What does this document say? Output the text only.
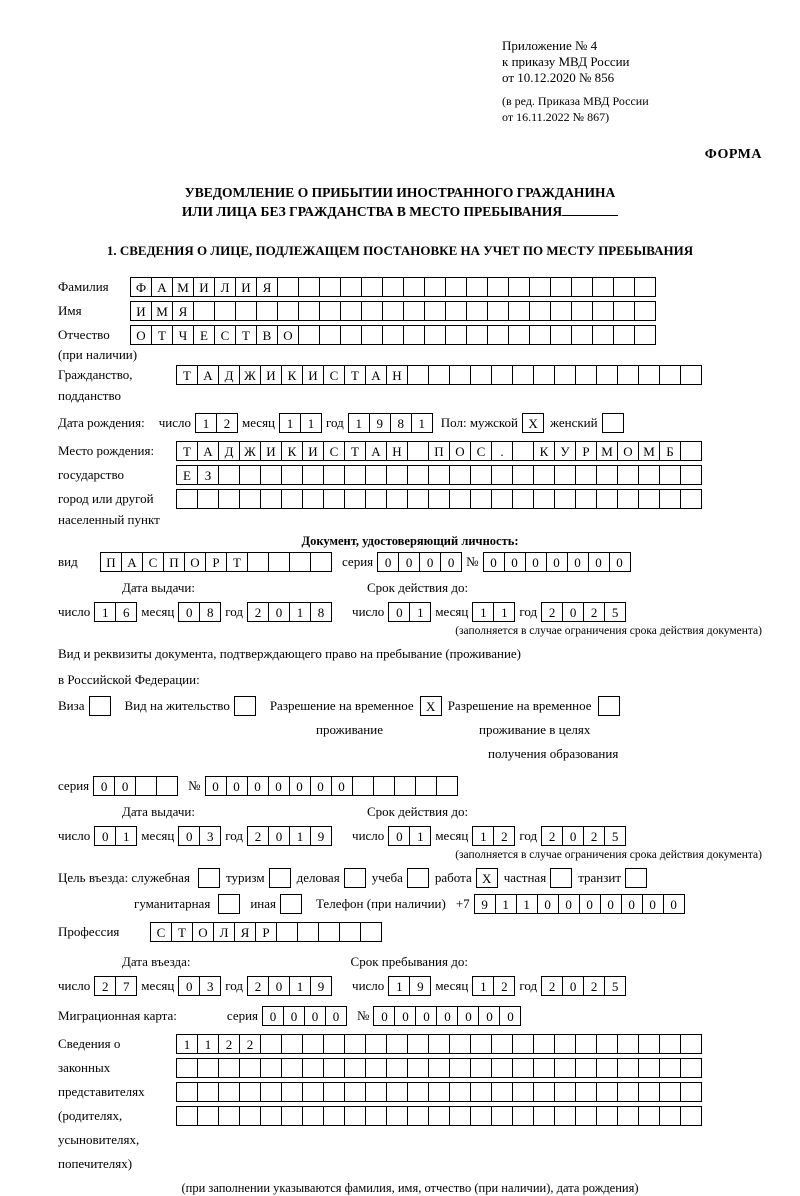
Приложение № 4
к приказу МВД России
от 10.12.2020 № 856
(в ред. Приказа МВД России
от 16.11.2022 № 867)
ФОРМА
УВЕДОМЛЕНИЕ О ПРИБЫТИИ ИНОСТРАННОГО ГРАЖДАНИНА
ИЛИ ЛИЦА БЕЗ ГРАЖДАНСТВА В МЕСТО ПРЕБЫВАНИЯ
1. СВЕДЕНИЯ О ЛИЦЕ, ПОДЛЕЖАЩЕМ ПОСТАНОВКЕ НА УЧЕТ ПО МЕСТУ ПРЕБЫВАНИЯ
Фамилия	Ф А М И Л И Я
Имя	И М Я
Отчество	О Т Ч Е С Т В О
(при наличии)
Гражданство,	Т А Д Ж И К И С Т А Н
подданство
Дата рождения: число 1	2 месяц 1	1 год 1	9	8	1	Пол: мужской X женский
Место рождения:	Т А Д Ж И К И С Т А Н	П О С	.	К У Р М О М Б
государство	Е	З
город или другой
населенный пункт
Документ, удостоверяющий личность:
вид	П А С П О Р	Т	серия 0	0	0	0 № 0	0	0	0	0	0	0
Дата выдачи:	Срок действия до:
число 1	6 месяц 0	8 год 2	0	1	8	число 0	1 месяц 1	1 год 2	0	2	5
(заполняется в случае ограничения срока действия документа)
Вид и реквизиты документа, подтверждающего право на пребывание (проживание)
в Российской Федерации:
Виза	Вид на жительство	Разрешение на временное X Разрешение на временное
проживание	проживание в целях
получения образования
серия 0	0	№ 0	0	0	0	0	0	0
Дата выдачи:	Срок действия до:
число 0	1 месяц 0	3 год 2	0	1	9	число 0	1 месяц 1	2 год 2	0	2	5
(заполняется в случае ограничения срока действия документа)
Цель въезда: служебная	туризм деловая учеба работа X частная транзит
гуманитарная	иная	Телефон (при наличии) +7 9	1	1	0	0	0	0	0	0	0
Профессия	С Т О Л Я	Р
Дата въезда:	Срок пребывания до:
число 2	7 месяц 0	3 год 2	0	1	9	число 1	9 месяц 1	2 год 2	0	2	5
Миграционная карта:	серия 0	0	0	0	№ 0	0	0	0	0	0	0
Сведения о	1	1	2	2
законных
представителях
(родителях,
усыновителях,
попечителях)
(при заполнении указываются фамилия, имя, отчество (при наличии), дата рождения)
